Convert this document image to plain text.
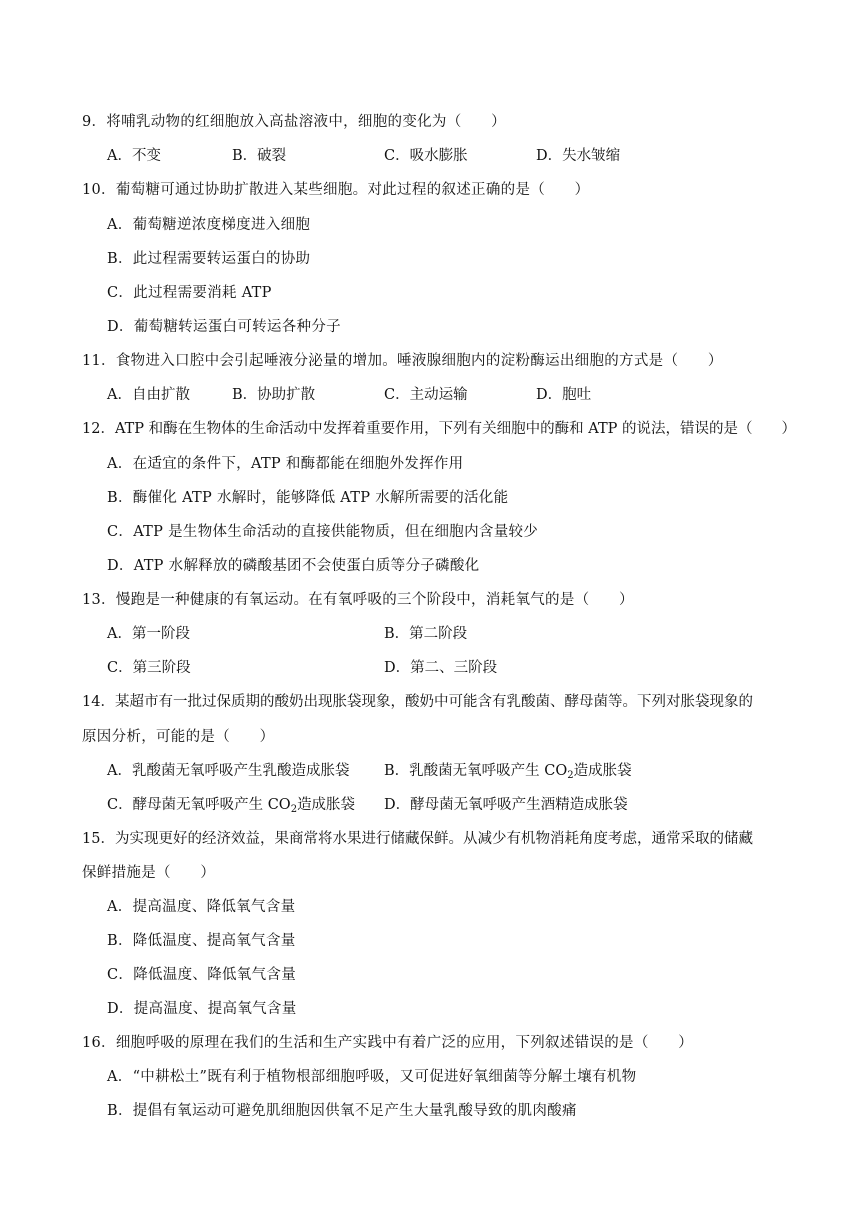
9．将哺乳动物的红细胞放入高盐溶液中，细胞的变化为（　　）
A．不变	B．破裂	C．吸水膨胀	D．失水皱缩
10．葡萄糖可通过协助扩散进入某些细胞。对此过程的叙述正确的是（　　）
A．葡萄糖逆浓度梯度进入细胞
B．此过程需要转运蛋白的协助
C．此过程需要消耗 ATP
D．葡萄糖转运蛋白可转运各种分子
11．食物进入口腔中会引起唾液分泌量的增加。唾液腺细胞内的淀粉酶运出细胞的方式是（　　）
A．自由扩散	B．协助扩散	C．主动运输	D．胞吐
12．ATP 和酶在生物体的生命活动中发挥着重要作用，下列有关细胞中的酶和 ATP 的说法，错误的是（　　）
A．在适宜的条件下，ATP 和酶都能在细胞外发挥作用
B．酶催化 ATP 水解时，能够降低 ATP 水解所需要的活化能
C．ATP 是生物体生命活动的直接供能物质，但在细胞内含量较少
D．ATP 水解释放的磷酸基团不会使蛋白质等分子磷酸化
13．慢跑是一种健康的有氧运动。在有氧呼吸的三个阶段中，消耗氧气的是（　　）
A．第一阶段	B．第二阶段
C．第三阶段	D．第二、三阶段
14．某超市有一批过保质期的酸奶出现胀袋现象，酸奶中可能含有乳酸菌、酵母菌等。下列对胀袋现象的
原因分析，可能的是（　　）
A．乳酸菌无氧呼吸产生乳酸造成胀袋 B．乳酸菌无氧呼吸产生 $CO_2$造成胀袋
C．酵母菌无氧呼吸产生 $CO_2$造成胀袋 D．酵母菌无氧呼吸产生酒精造成胀袋
15．为实现更好的经济效益，果商常将水果进行储藏保鲜。从减少有机物消耗角度考虑，通常采取的储藏
保鲜措施是（　　）
A．提高温度、降低氧气含量
B．降低温度、提高氧气含量
C．降低温度、降低氧气含量
D．提高温度、提高氧气含量
16．细胞呼吸的原理在我们的生活和生产实践中有着广泛的应用，下列叙述错误的是（　　）
A．“中耕松土”既有利于植物根部细胞呼吸，又可促进好氧细菌等分解土壤有机物
B．提倡有氧运动可避免肌细胞因供氧不足产生大量乳酸导致的肌肉酸痛
